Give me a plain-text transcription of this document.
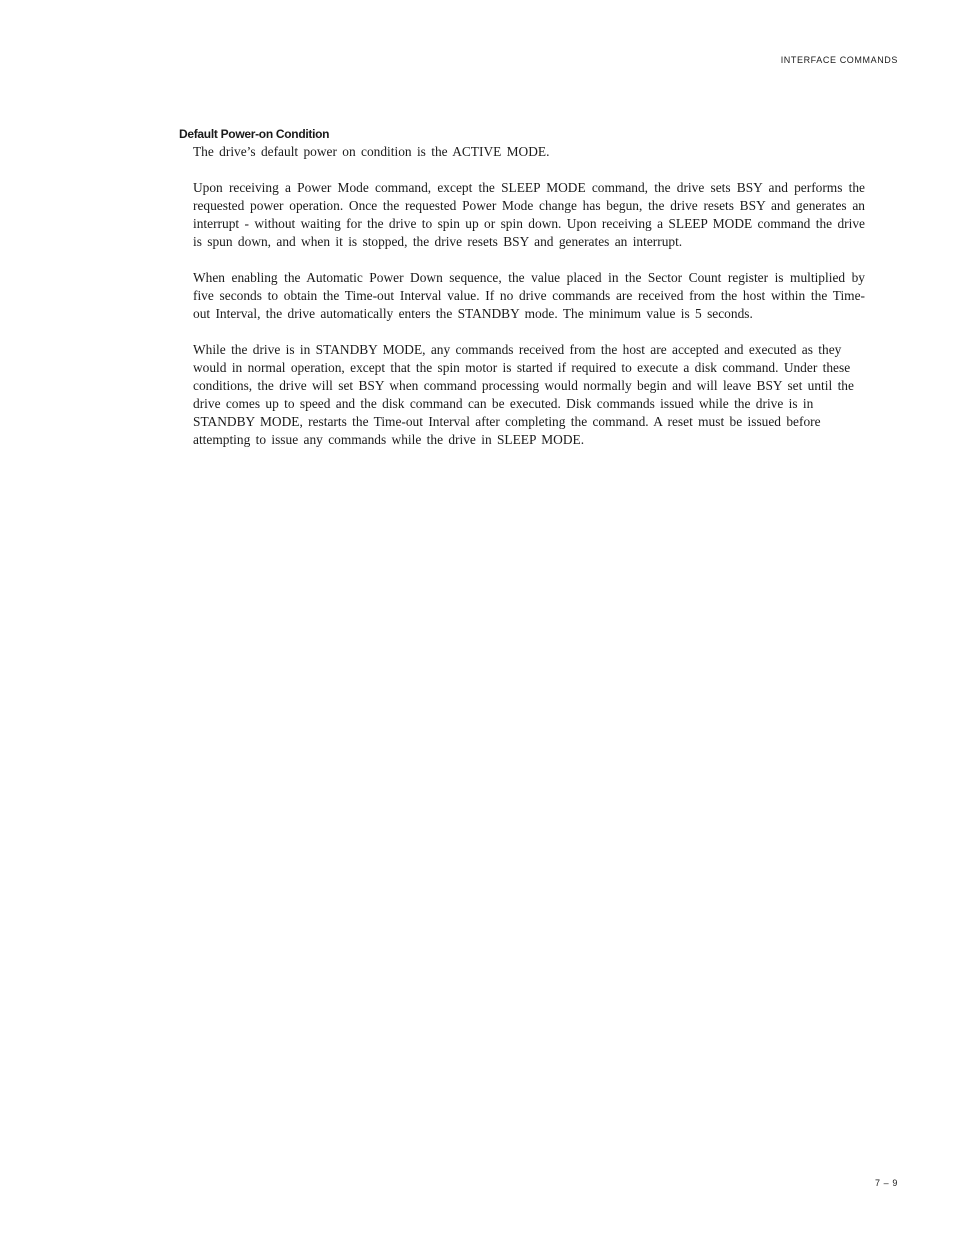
INTERFACE COMMANDS
Default Power-on Condition

The drive’s default power on condition is the ACTIVE MODE.

Upon receiving a Power Mode command, except the SLEEP MODE command, the drive sets BSY and performs the requested power operation. Once the requested Power Mode change has begun, the drive resets BSY and generates an interrupt - without waiting for the drive to spin up or spin down. Upon receiving a SLEEP MODE command the drive is spun down, and when it is stopped, the drive resets BSY and generates an interrupt.

When enabling the Automatic Power Down sequence, the value placed in the Sector Count register is multiplied by five seconds to obtain the Time-out Interval value. If no drive commands are received from the host within the Time-out Interval, the drive automatically enters the STANDBY mode. The minimum value is 5 seconds.

While the drive is in STANDBY MODE, any commands received from the host are accepted and executed as they would in normal operation, except that the spin motor is started if required to execute a disk command. Under these conditions, the drive will set BSY when command processing would normally begin and will leave BSY set until the drive comes up to speed and the disk command can be executed. Disk commands issued while the drive is in STANDBY MODE, restarts the Time-out Interval after completing the command. A reset must be issued before attempting to issue any commands while the drive in SLEEP MODE.

7 – 9
